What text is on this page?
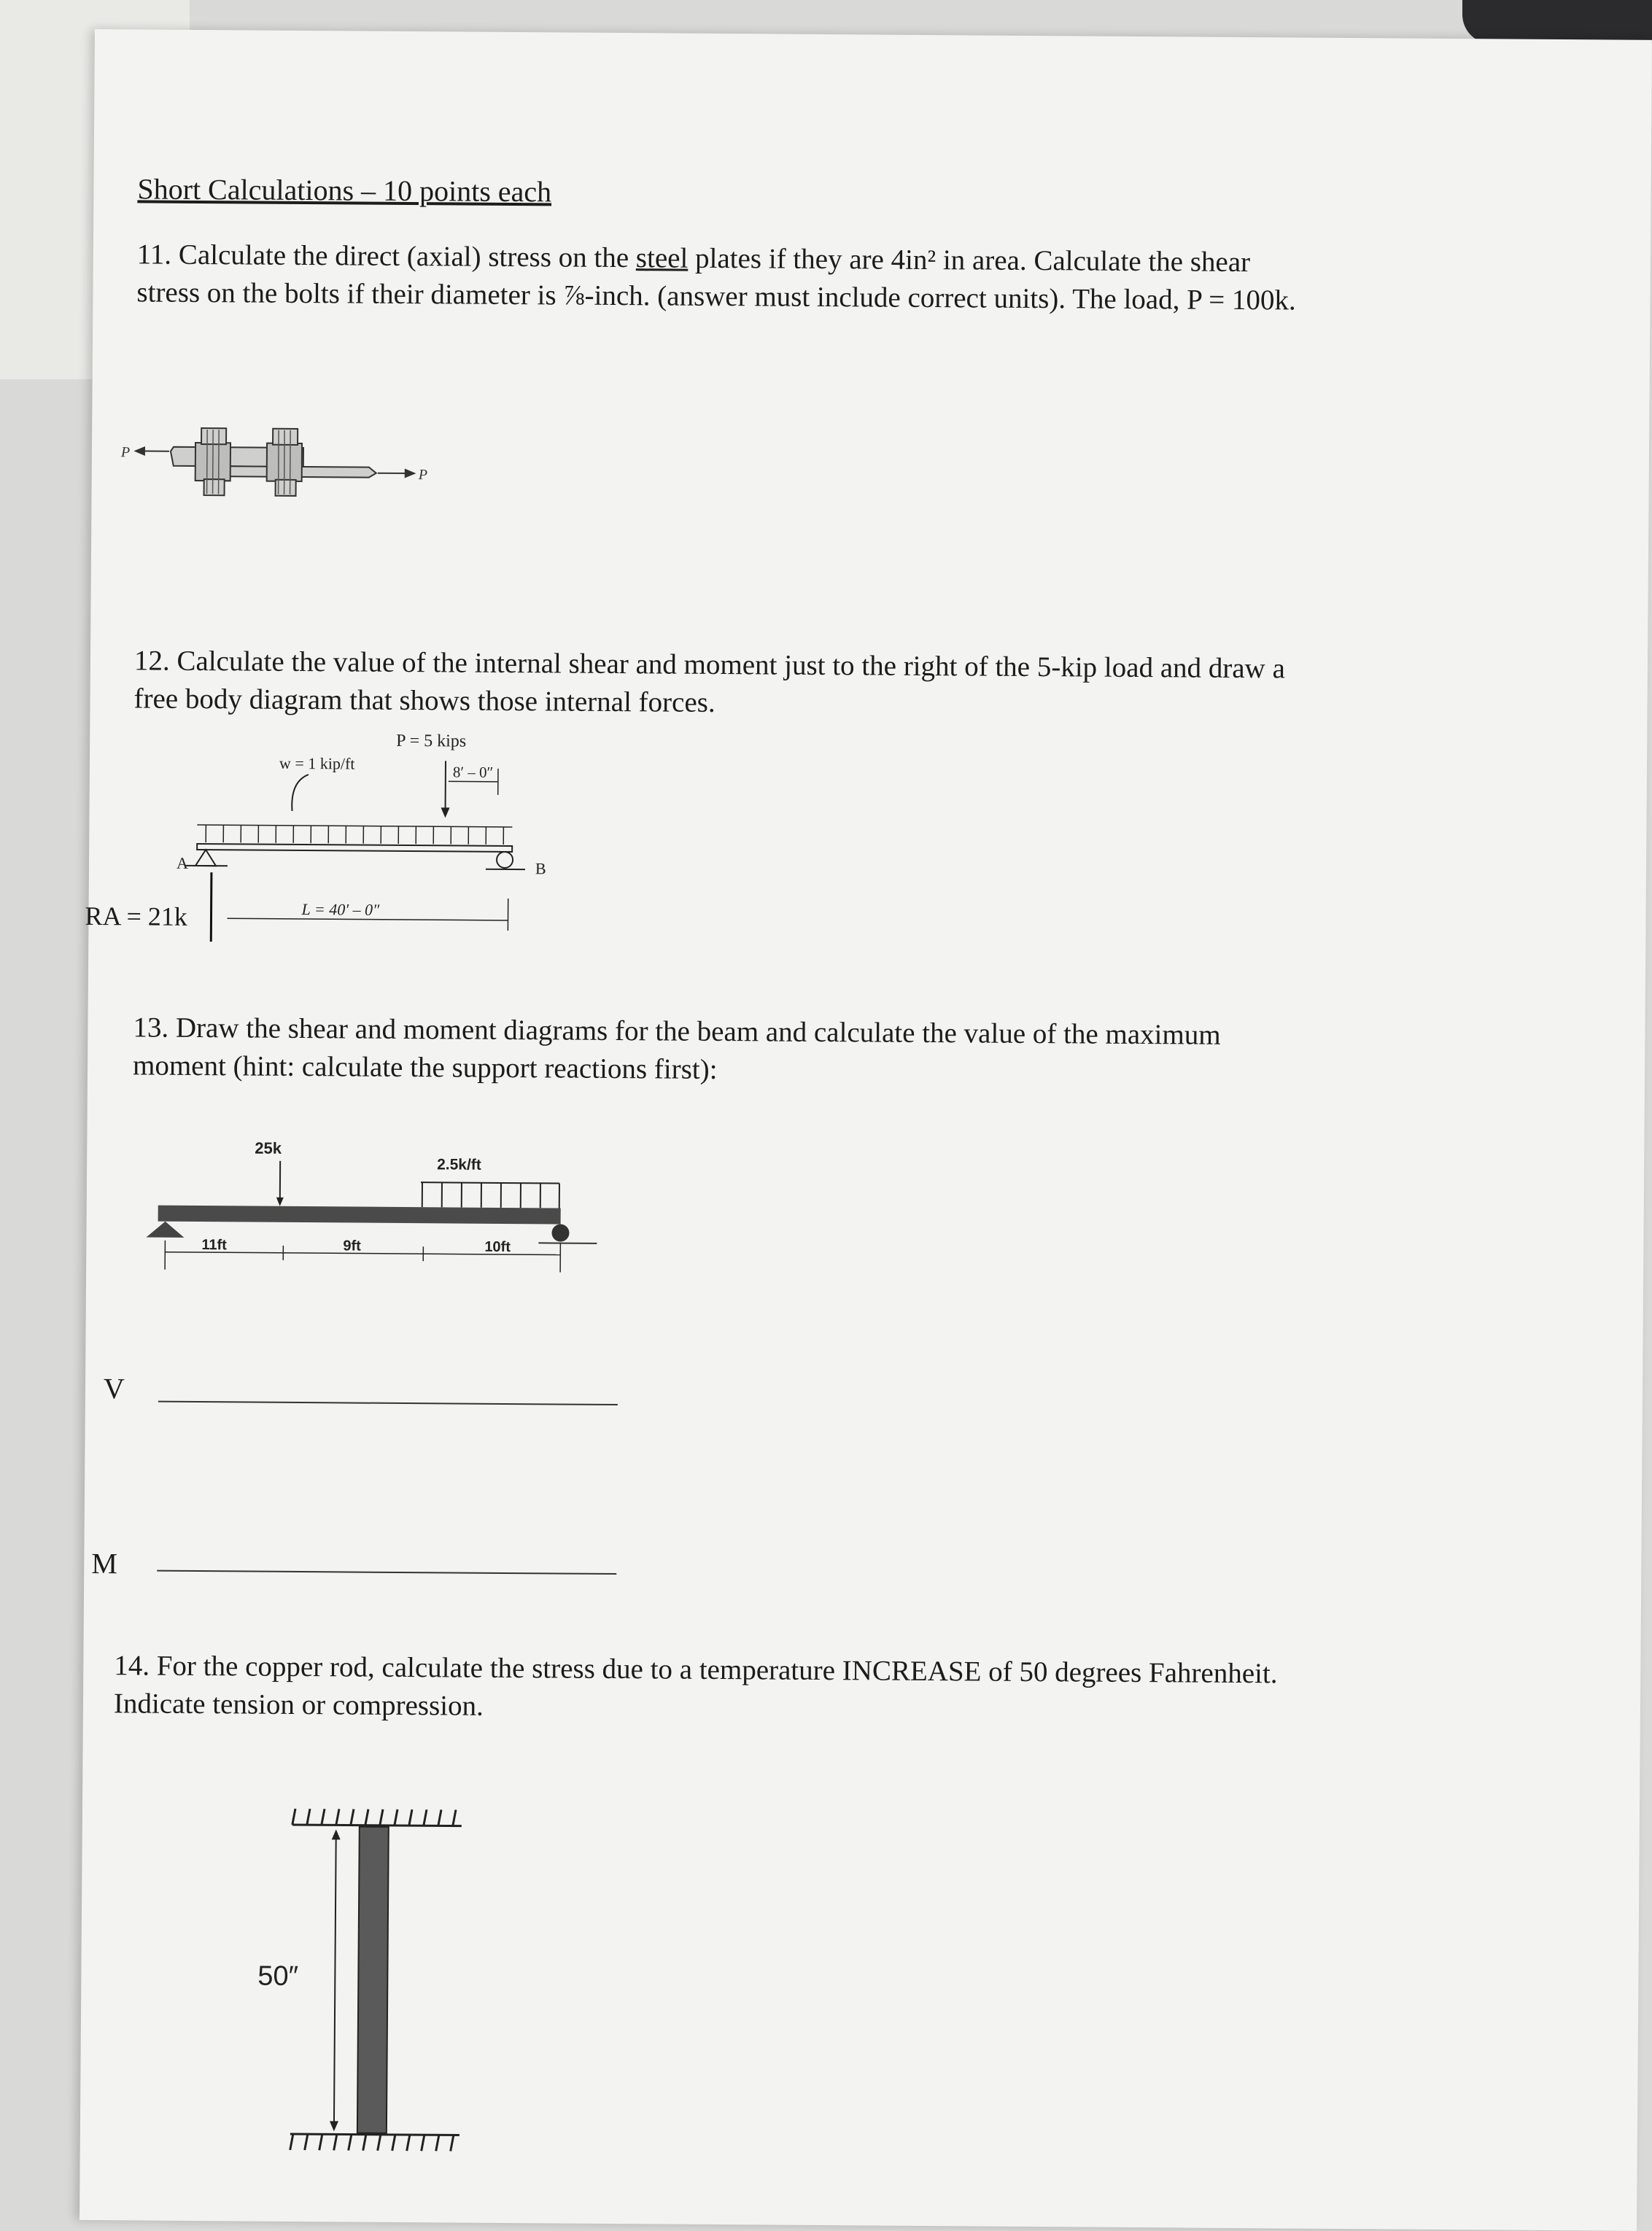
Short Calculations – 10 points each
11. Calculate the direct (axial) stress on the steel plates if they are 4in² in area. Calculate the shear
stress on the bolts if their diameter is ⅞-inch. (answer must include correct units). The load, P = 100k.
P
P
12. Calculate the value of the internal shear and moment just to the right of the 5-kip load and draw a
free body diagram that shows those internal forces.
P = 5 kips
w = 1 kip/ft	8′ – 0″
A	B
L = 40′ – 0″
RA = 21k
13. Draw the shear and moment diagrams for the beam and calculate the value of the maximum
moment (hint: calculate the support reactions first):
25k
2.5k/ft
11ft	9ft	10ft
V
M
14. For the copper rod, calculate the stress due to a temperature INCREASE of 50 degrees Fahrenheit.
Indicate tension or compression.
50″
